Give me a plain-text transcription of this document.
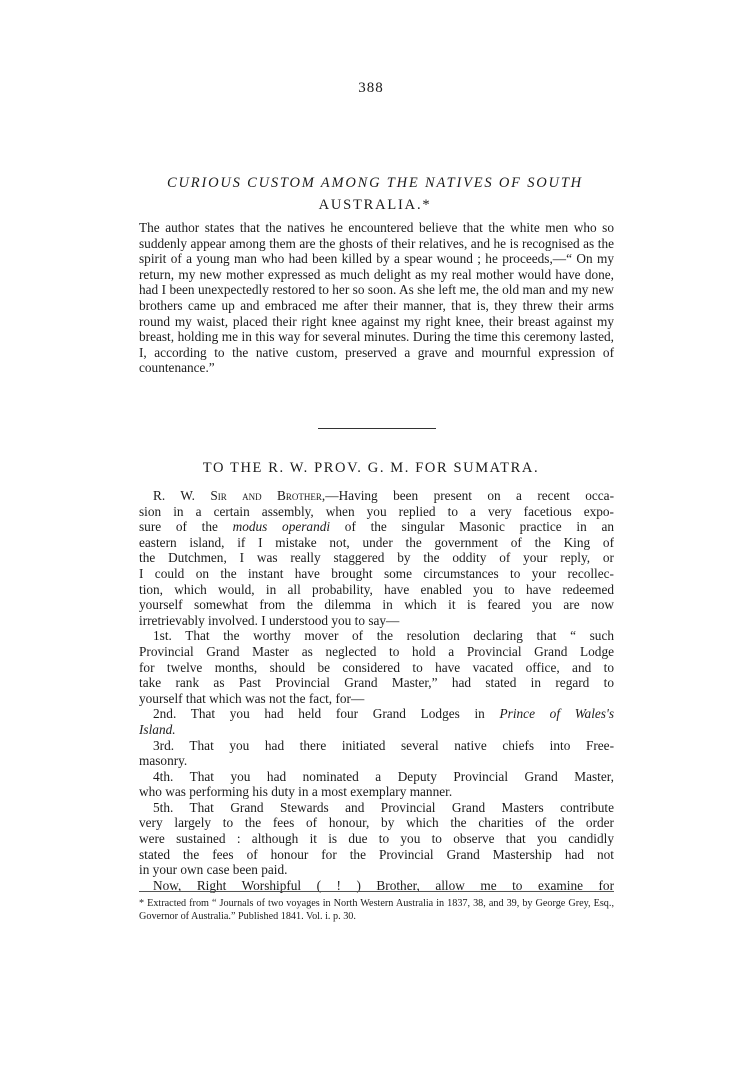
388
CURIOUS CUSTOM AMONG THE NATIVES OF SOUTH
AUSTRALIA.*

The author states that the natives he encountered believe that the white men who so suddenly appear among them are the ghosts of their relatives, and he is recognised as the spirit of a young man who had been killed by a spear wound ; he proceeds,—“ On my return, my new mother expressed as much delight as my real mother would have done, had I been unexpectedly restored to her so soon. As she left me, the old man and my new brothers came up and embraced me after their manner, that is, they threw their arms round my waist, placed their right knee against my right knee, their breast against my breast, holding me in this way for several minutes. During the time this ceremony lasted, I, according to the native custom, preserved a grave and mournful expression of countenance.”

TO THE R. W. PROV. G. M. FOR SUMATRA.
R. W. Sir and Brother,—Having been present on a recent occa-
sion in a certain assembly, when you replied to a very facetious expo-
sure of the modus operandi of the singular Masonic practice in an
eastern island, if I mistake not, under the government of the King of
the Dutchmen, I was really staggered by the oddity of your reply, or
I could on the instant have brought some circumstances to your recollec-
tion, which would, in all probability, have enabled you to have redeemed
yourself somewhat from the dilemma in which it is feared you are now
irretrievably involved. I understood you to say—
1st. That the worthy mover of the resolution declaring that “ such
Provincial Grand Master as neglected to hold a Provincial Grand Lodge
for twelve months, should be considered to have vacated office, and to
take rank as Past Provincial Grand Master,” had stated in regard to
yourself that which was not the fact, for—
2nd. That you had held four Grand Lodges in Prince of Wales's
Island.
3rd. That you had there initiated several native chiefs into Free-
masonry.
4th. That you had nominated a Deputy Provincial Grand Master,
who was performing his duty in a most exemplary manner.
5th. That Grand Stewards and Provincial Grand Masters contribute
very largely to the fees of honour, by which the charities of the order
were sustained : although it is due to you to observe that you candidly
stated the fees of honour for the Provincial Grand Mastership had not
in your own case been paid.
Now, Right Worshipful ( ! ) Brother, allow me to examine for
* Extracted from “ Journals of two voyages in North Western Australia in 1837, 38, and 39, by George Grey, Esq., Governor of Australia.” Published 1841. Vol. i. p. 30.
